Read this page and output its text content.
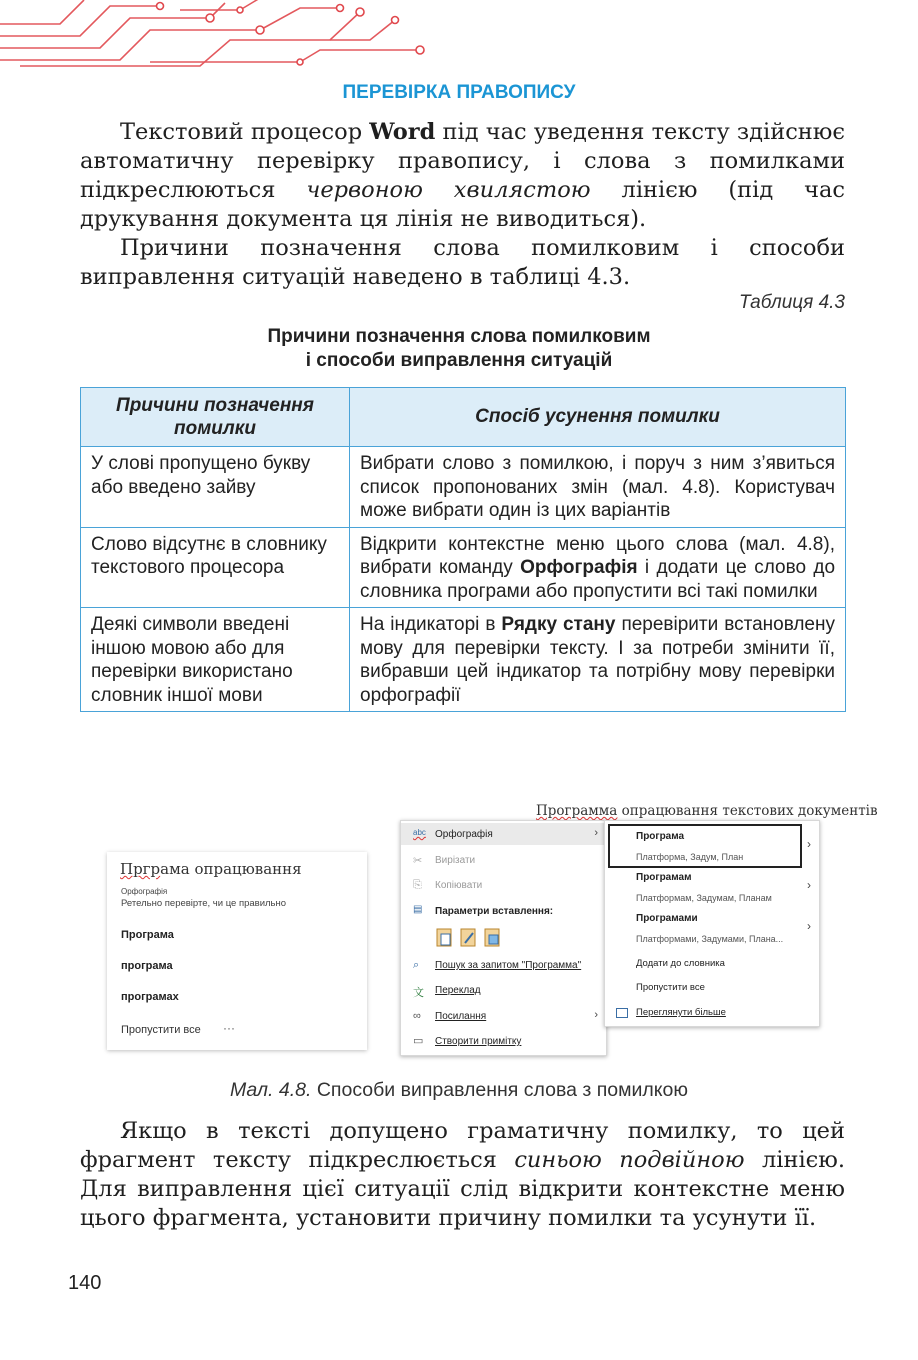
ПЕРЕВІРКА ПРАВОПИСУ
Текстовий процесор Word під час уведення тексту здійснює автоматичну перевірку правопису, і слова з помилками підкреслюються червоною хвилястою лінією (під час друкування документа ця лінія не виводиться).
Причини позначення слова помилковим і способи виправлення ситуацій наведено в таблиці 4.3.
Таблиця 4.3
Причини позначення слова помилковим
і способи виправлення ситуацій
Причини позначення помилки	Спосіб усунення помилки
У слові пропущено букву або введено зайву	Вибрати слово з помилкою, і поруч з ним з’явиться список пропонованих змін (мал. 4.8). Користувач може вибрати один із цих варіантів
Слово відсутнє в словнику текстового процесора	Відкрити контекстне меню цього слова (мал. 4.8), вибрати команду Орфографія і додати це слово до словника програми або пропустити всі такі помилки
Деякі символи введені іншою мовою або для перевірки використано словник іншої мови	На індикаторі в Рядку стану перевірити встановлену мову для перевірки тексту. І за потреби змінити її, вибравши цей індикатор та потрібну мову перевірки орфографії
Прграма опрацювання
Орфографія
Ретельно перевірте, чи це правильно
Програма
програма
програмах
Пропустити все ···
Программа опрацювання текстових документів
abc Орфографія	›
✂ Вирізати
⎘ Копіювати
▤ Параметри вставлення:
⌕ Пошук за запитом "Программа"
文 Переклад
∞ Посилання	›
▭ Створити примітку
Програма
Платформа, Задум, План
›
Програмам
Платформам, Задумам, Планам
›
Програмами
Платформами, Задумами, Плана...
›
Додати до словника
Пропустити все
Переглянути більше
Мал. 4.8. Способи виправлення слова з помилкою
Якщо в тексті допущено граматичну помилку, то цей фрагмент тексту підкреслюється синьою подвійною лінією. Для виправлення цієї ситуації слід відкрити контекстне меню цього фрагмента, установити причину помилки та усунути її.
140
